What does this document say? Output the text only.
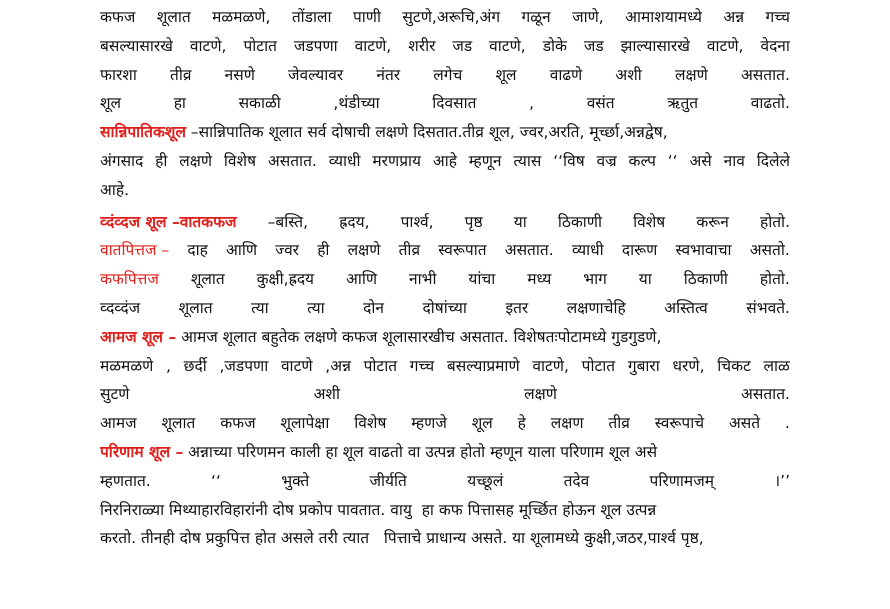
कफज शूलात मळमळणे, तोंडाला पाणी सुटणे,अरूचि,अंग गळून जाणे, आमाशयामध्ये अन्न गच्च
बसल्यासारखे वाटणे, पोटात जडपणा वाटणे, शरीर जड वाटणे, डोके जड झाल्यासारखे वाटणे, वेदना
फारशा तीव्र नसणे जेवल्यावर नंतर लगेच शूल वाढणे अशी लक्षणे असतात.
शूल	हा	सकाळी	,थंडीच्या	दिवसात	,	वसंत	ऋतुत	वाढतो.
सान्निपातिकशूल –सान्निपातिक शूलात सर्व दोषाची लक्षणे दिसतात.तीव्र शूल, ज्वर,अरति, मूर्च्छा,अन्नद्वेष,
अंगसाद ही लक्षणे विशेष असतात. व्याधी मरणप्राय आहे म्हणून त्यास ‘‘विष वज्र कल्प ‘‘ असे नाव दिलेले
आहे.
व्दंव्दज शूल –वातकफज –बस्ति, ह्रदय, पार्श्व, पृष्ठ या ठिकाणी विशेष करून होतो.
वातपित्तज – दाह आणि ज्वर ही लक्षणे तीव्र स्वरूपात असतात. व्याधी दारूण स्वभावाचा असतो.
कफपित्तज शूलात कुक्षी,ह्रदय आणि नाभी यांचा मध्य भाग या ठिकाणी होतो.
व्दव्दंज शूलात त्या त्या दोन दोषांच्या इतर लक्षणाचेहि अस्तित्व संभवते.
आमज शूल – आमज शूलात बहुतेक लक्षणे कफज शूलासारखीच असतात. विशेषतःपोटामध्ये गुडगुडणे,
मळमळणे , छर्दी ,जडपणा वाटणे ,अन्न पोटात गच्च बसल्याप्रमाणे वाटणे, पोटात गुबारा धरणे, चिकट लाळ
सुटणे	अशी	लक्षणे	असतात.
आमज शूलात कफज शूलापेक्षा विशेष म्हणजे शूल हे लक्षण तीव्र स्वरूपाचे असते .
परिणाम शूल – अन्नाच्या परिणमन काली हा शूल वाढतो वा उत्पन्न होतो म्हणून याला परिणाम शूल असे
म्हणतात.	‘‘	भुक्ते	जीर्यति	यच्छूलं	तदेव	परिणामजम्	।’’
निरनिराळ्या मिथ्याहारविहारांनी दोष प्रकोप पावतात. वायु  हा कफ पित्तासह मूर्च्छित होऊन शूल उत्पन्न
करतो. तीनही दोष प्रकुपित्त होत असले तरी त्यात   पित्ताचे प्राधान्य असते. या शूलामध्ये कुक्षी,जठर,पार्श्व पृष्ठ,
